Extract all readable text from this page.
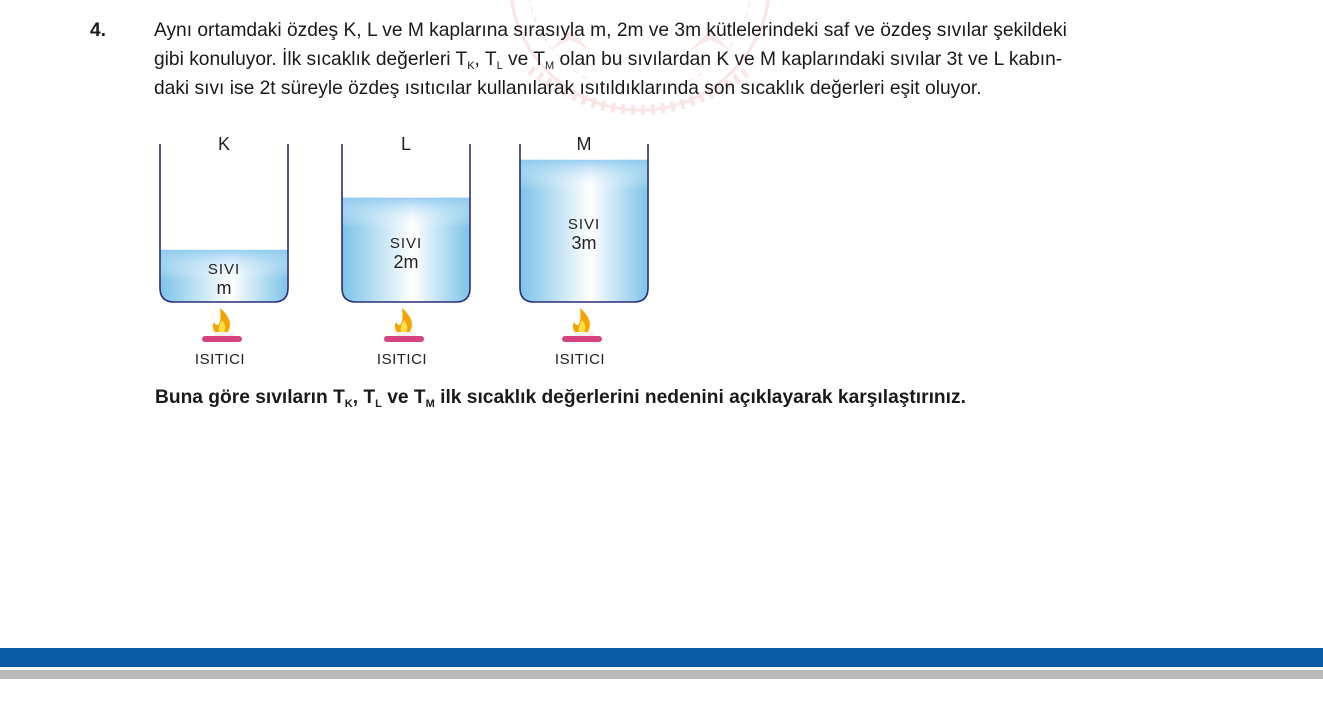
4. Aynı ortamdaki özdeş K, L ve M kaplarına sırasıyla m, 2m ve 3m kütlelerindeki saf ve özdeş sıvılar şekildeki
gibi konuluyor. İlk sıcaklık değerleri $T_K$, $T_L$ ve $T_M$ olan bu sıvılardan K ve M kaplarındaki sıvılar 3t ve L kabın-
daki sıvı ise 2t süreyle özdeş ısıtıcılar kullanılarak ısıtıldıklarında son sıcaklık değerleri eşit oluyor.
K
SIVI
m
ISITICI
L
SIVI
2m
ISITICI
M
SIVI
3m
ISITICI
Buna göre sıvıların $T_K$, $T_L$ ve $T_M$ ilk sıcaklık değerlerini nedenini açıklayarak karşılaştırınız.
